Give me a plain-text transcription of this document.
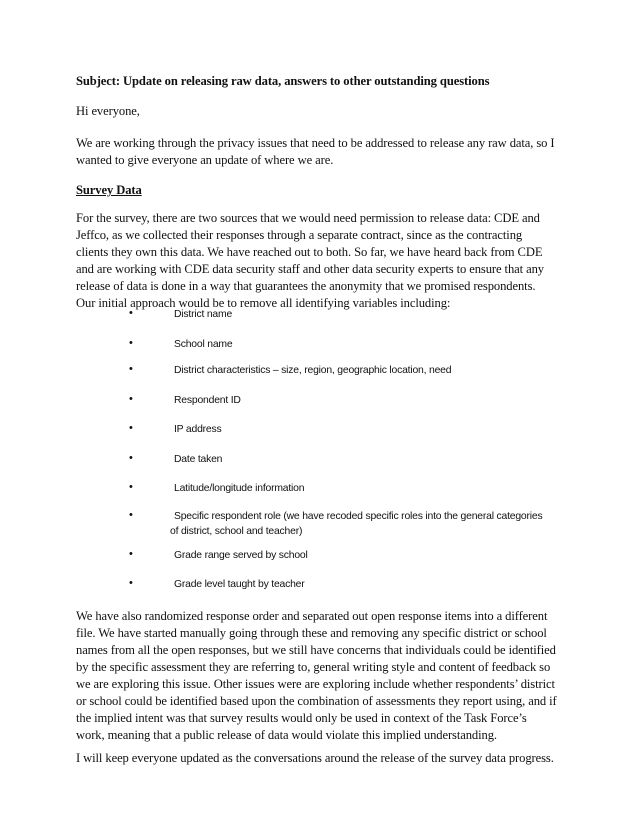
Subject: Update on releasing raw data, answers to other outstanding questions
Hi everyone,
We are working through the privacy issues that need to be addressed to release any raw data, so I
wanted to give everyone an update of where we are.
Survey Data
For the survey, there are two sources that we would need permission to release data: CDE and
Jeffco, as we collected their responses through a separate contract, since as the contracting
clients they own this data. We have reached out to both. So far, we have heard back from CDE
and are working with CDE data security staff and other data security experts to ensure that any
release of data is done in a way that guarantees the anonymity that we promised respondents.
Our initial approach would be to remove all identifying variables including:
•	District name
•	School name
•	District characteristics – size, region, geographic location, need
•	Respondent ID
•	IP address
•	Date taken
•	Latitude/longitude information
•	Specific respondent role (we have recoded specific roles into the general categories
of district, school and teacher)
•	Grade range served by school
•	Grade level taught by teacher
We have also randomized response order and separated out open response items into a different
file. We have started manually going through these and removing any specific district or school
names from all the open responses, but we still have concerns that individuals could be identified
by the specific assessment they are referring to, general writing style and content of feedback so
we are exploring this issue. Other issues were are exploring include whether respondents’ district
or school could be identified based upon the combination of assessments they report using, and if
the implied intent was that survey results would only be used in context of the Task Force’s
work, meaning that a public release of data would violate this implied understanding.
I will keep everyone updated as the conversations around the release of the survey data progress.
